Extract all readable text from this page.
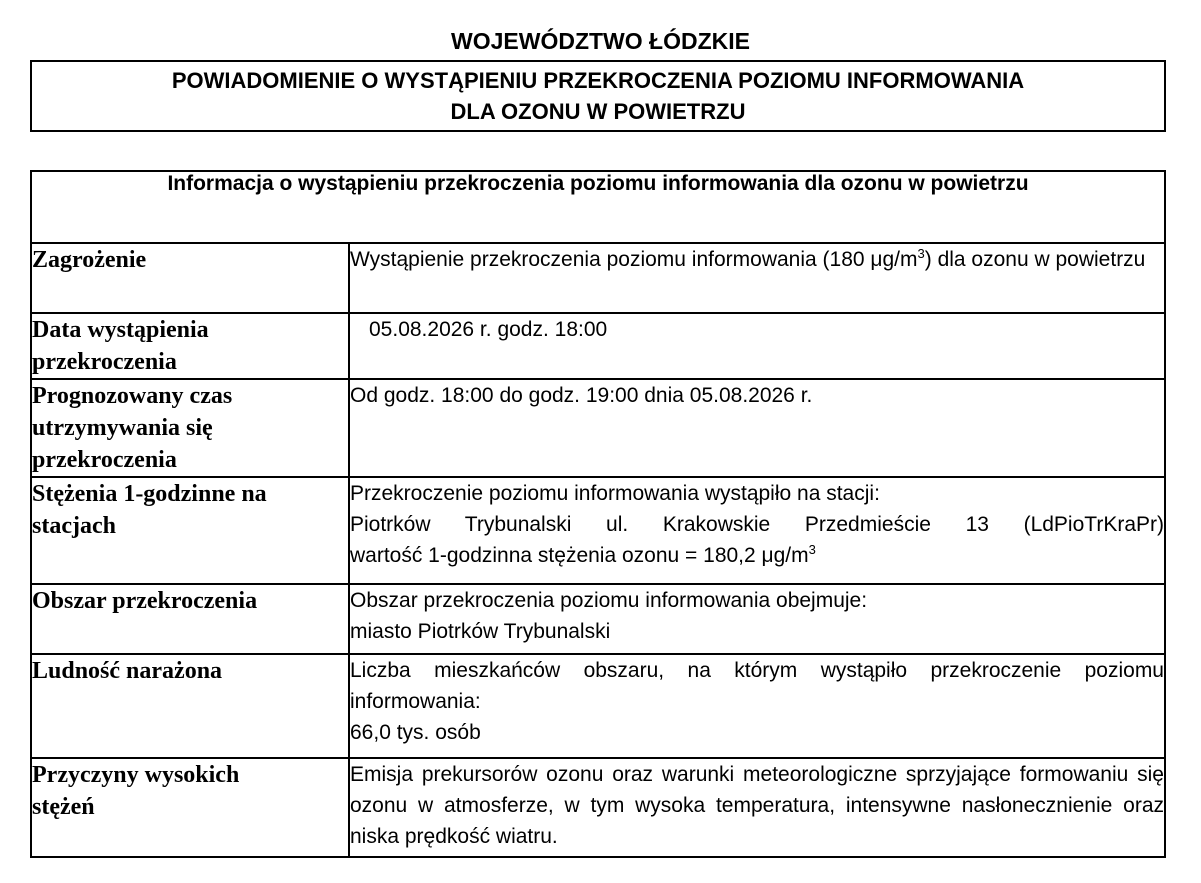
WOJEWÓDZTWO ŁÓDZKIE
POWIADOMIENIE O WYSTĄPIENIU PRZEKROCZENIA POZIOMU INFORMOWANIA
DLA OZONU W POWIETRZU
Informacja o wystąpieniu przekroczenia poziomu informowania dla ozonu w powietrzu	
Zagrożenie	Wystąpienie przekroczenia poziomu informowania (180 $\mu g/m^3$) dla ozonu w powietrzu

Data wystąpienia
przekroczenia	05.08.2026 r. godz. 18:00

Prognozowany czas
utrzymywania się
przekroczenia	Od godz. 18:00 do godz. 19:00 dnia 05.08.2026 r.

Stężenia 1-godzinne na
stacjach	Przekroczenie poziomu informowania wystąpiło na stacji:
Piotrków Trybunalski ul. Krakowskie Przedmieście 13 (LdPioTrKraPr)
wartość 1-godzinna stężenia ozonu = 180,2 $\mu g/m^3$

Obszar przekroczenia	Obszar przekroczenia poziomu informowania obejmuje:
miasto Piotrków Trybunalski

Ludność narażona	Liczba mieszkańców obszaru, na którym wystąpiło przekroczenie poziomu informowania:
66,0 tys. osób

Przyczyny wysokich
stężeń	Emisja prekursorów ozonu oraz warunki meteorologiczne sprzyjające formowaniu się ozonu w atmosferze, w tym wysoka temperatura, intensywne nasłonecznienie oraz niska prędkość wiatru.
